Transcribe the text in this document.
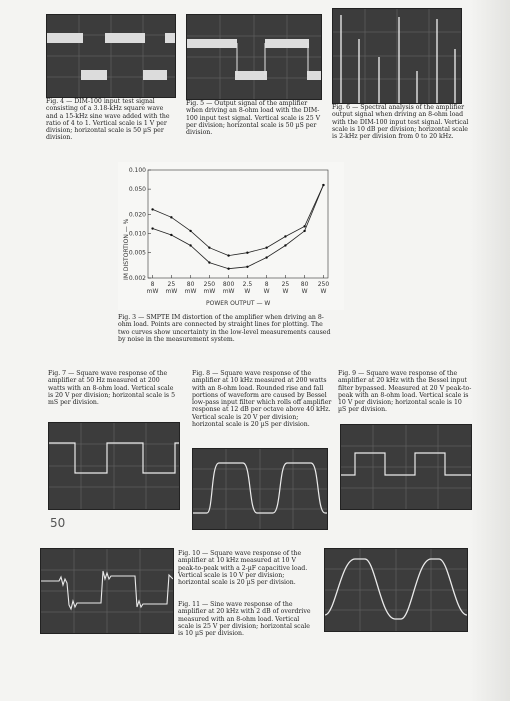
Fig. 4 — DIM-100 input test signal consisting of a 3.18-kHz square wave and a 15-kHz sine wave added with the ratio of 4 to 1. Vertical scale is 1 V per division; horizontal scale is 50 µS per division.
Fig. 5 — Output signal of the amplifier when driving an 8-ohm load with the DIM-100 input test signal. Vertical scale is 25 V per division; horizontal scale is 50 µS per division.
Fig. 6 — Spectral analysis of the amplifier output signal when driving an 8-ohm load with the DIM-100 input test signal. Vertical scale is 10 dB per division; horizontal scale is 2-kHz per division from 0 to 20 kHz.
IM DISTORTION — %
POWER OUTPUT — W
0.002
0.005
0.010
0.020
0.050
0.100
8
mW
25
mW
80
mW
250
mW
800
mW
2.5
W
8
W
25
W
80
W
250
W
Fig. 3 — SMPTE IM distortion of the amplifier when driving an 8-ohm load. Points are connected by straight lines for plotting. The two curves show uncertainty in the low-level measurements caused by noise in the measurement system.
Fig. 7 — Square wave response of the amplifier at 50 Hz measured at 200 watts with an 8-ohm load. Vertical scale is 20 V per division; horizontal scale is 5 mS per division.
50
Fig. 8 — Square wave response of the amplifier at 10 kHz measured at 200 watts with an 8-ohm load. Rounded rise and fall portions of waveform are caused by Bessel low-pass input filter which rolls off amplifier response at 12 dB per octave above 40 kHz. Vertical scale is 20 V per division; horizontal scale is 20 µS per division.
Fig. 9 — Square wave response of the amplifier at 20 kHz with the Bessel input filter bypassed. Measured at 20 V peak-to-peak with an 8-ohm load. Vertical scale is 10 V per division; horizontal scale is 10 µS per division.
Fig. 10 — Square wave response of the amplifier at 10 kHz measured at 10 V peak-to-peak with a 2-µF capacitive load. Vertical scale is 10 V per division; horizontal scale is 20 µS per division.
Fig. 11 — Sine wave response of the amplifier at 20 kHz with 2 dB of overdrive measured with an 8-ohm load. Vertical scale is 25 V per division; horizontal scale is 10 µS per division.
